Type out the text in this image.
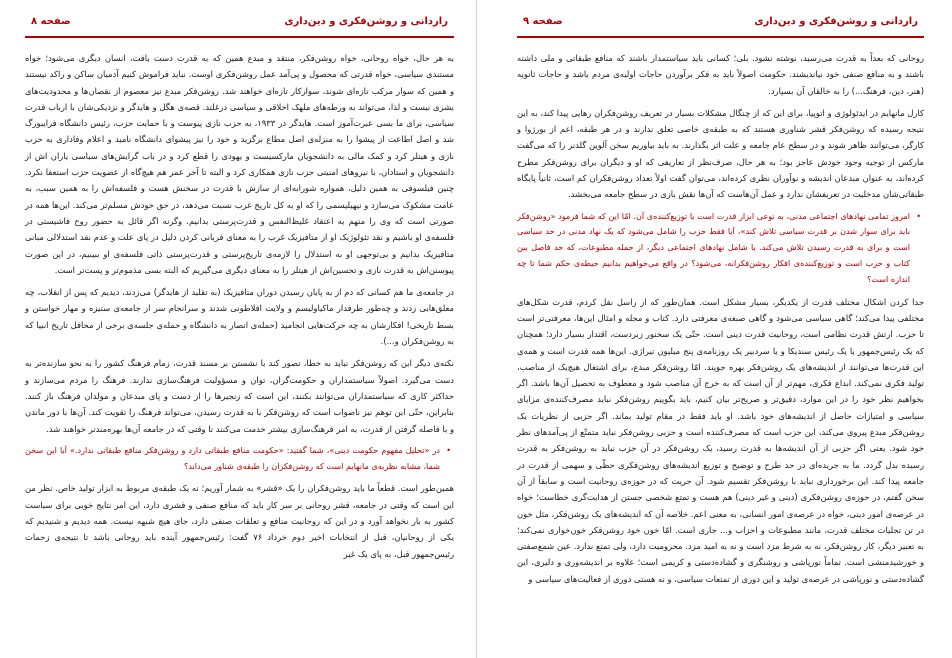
راردانی و روشن‌فکری و دین‌داری
صفحه ۸

به هر حال، خواه روحانی، خواه روشن‌فکر، منتقد و مبدع همین که به قدرت دست یافت، انسان دیگری می‌شود؛ خواه مستندی سیاسی، خواه قدرتی که محصول و پی‌آمد عمل روشن‌فکری اوست. نباید فراموش کنیم آدمیان ساکن و راکد نیستند و همین که سوار مرکب تازه‌ای شوند، سوارکار تازه‌ای خواهند شد. روشن‌فکر مبدع نیز معصوم از نقصان‌ها و محدودیت‌های بشری نیست و لذا، می‌تواند به ورطه‌های ملهک اخلاقی و سیاسی درغلتد. قصه‌ی هگل و هایدگر و نزدیکی‌شان با ارباب قدرت سیاسی، برای ما بسی عبرت‌آموز است. هایدگر در ۱۹۳۳، به حزب نازی پیوست و با حمایت حزب، رئیس دانشگاه فرایبورگ شد و اصل اطاعت از پیشوا را به منزله‌ی اصل مطاع برگزید و خود را نیز پیشوای دانشگاه نامید و اعلام وفاداری به حزب نازی و هیتلر کرد و کمک مالی به دانشجویان مارکسیست و یهودی را قطع کرد و در باب گرایش‌های سیاسی یاران اش از دانشجویان و استادان، با نیروهای امنیتی حزب نازی همکاری کرد و البته تا آخر عمر هم هیچ‌گاه از عضویت حزب استعفا نکرد. چنین فیلسوفی به همین دلیل، همواره شورابه‌ای از سازش با قدرت در سخنش هست و فلسفه‌اش را به همین سبب، به عامت مشکوک می‌سازد و نیهیلیسمی را که او به کل تاریخ غرب نسبت می‌دهد، در حق خودش مسلم‌تر می‌کند. این‌ها همه در صورتی است که وی را متهم به اعتقاد غلیظ‌النفس و قدرت‌پرستی بدانیم. وگرنه اگر قائل به حضور روح فاشیستی در فلسفه‌ی او باشیم و نقد تئولوژیک او از متافیزیک غرب را به معنای قربانی کردن دلیل در پای علت و عدم نقد استدلالی مبانی متافیزیک بدانیم و بی‌توجهی او به استدلال را لازمه‌ی تاریخ‌پرستی و قدرت‌پرستی ذاتی فلسفه‌ی او ببینیم، در این صورت پیوستن‌اش به قدرت نازی و تحسین‌اش از هیتلر را به معنای دیگری می‌گیریم که البته بسی مذموم‌تر و پست‌تر است.

در جامعه‌ی ما هم کسانی که دم از به پایان رسیدن دوران متافیزیک (به تقلید از هایدگر) می‌زدند، دیدیم که پس از انقلاب، چه معلق‌هایی زدند و چه‌طور طرفدار ماکیاولیسم و ولایت افلاطونی شدند و سرانجام سر از جامعه‌ی ستیزه و مهار خواستن و بسط تاریخی! افکارشان به چه حرکت‌هایی انجامید (حمله‌ی انصار به دانشگاه و حمله‌ی جلسه‌ی برخی از محافل تاریخ انبیا که به روشن‌فکران و...).

نکته‌ی دیگر این که روشن‌فکر نباید به خطا، تصور کند با نشستن بر مسند قدرت، زمام فرهنگ کشور را به نحو سازنده‌تر به دست می‌گیرد. اصولاً سیاستمداران و حکومت‌گران، توان و مسؤولیت فرهنگ‌سازی ندارند. فرهنگ را مردم می‌سازند و حداکثر کاری که سیاستمداران می‌توانند بکنند، این است که زنجیرها را از دست و پای مبدعان و مولدان فرهنگ باز کنند. بنابراین، حتّی این توهم نیز ناصواب است که روشن‌فکر با به قدرت رسیدن، می‌تواند فرهنگ را تقویت کند. آن‌ها با دور ماندن و با فاصله گرفتن از قدرت، به امر فرهنگ‌سازی بیشتر خدمت می‌کنند تا وقتی که در جامعه آن‌ها بهره‌مندتر خواهند شد.

• در «تحلیل مفهوم حکومت دینی»، شما گفتید: «حکومت منافع طبقاتی دارد و روشن‌فکر منافع طبقاتی ندارد.» آیا این سخن شما، مشابه نظریه‌ی مانهایم است که روشن‌فکران را طبقه‌ی شناور می‌داند؟

همین‌طور است. قطعاً ما باید روشن‌فکران را یک «قشر» به شمار آوریم؛ نه یک طبقه‌ی مربوط به ابزار تولید خاص. نظر من این است که وقتی در جامعه، قشر روحانی بر سر کار باید که منافع صنفی و قشری دارد، این امر نتایج خوبی برای سیاست کشور به بار نخواهد آورد و در این که روحانیت منافع و تعلقات صنفی دارد، جای هیچ شبهه نیست. همه دیدیم و شنیدیم که یکی از روحانیان، قبل از انتخابات اخیر دوم خرداد ۷۶ گفت: رئیس‌جمهور آینده باید روحانی باشد تا نتیجه‌ی زحمات رئیس‌جمهور قبل، به پای یک غیر

راردانی و روشن‌فکری و دین‌داری
صفحه ۹

روحانی که بعداً به قدرت می‌رسید، نوشته نشود. بلی؛ کسانی باید سیاستمدار باشند که منافع طبقاتی و ملی داشته باشند و به منافع صنفی خود نیاندیشند. حکومت اصولاً باید به فکر برآوردن حاجات اولیه‌ی مردم باشد و حاجات ثانویه (هنر، دین، فرهنگ...) را به خالقان آن بسپارد.

کارل مانهایم در ایدئولوژی و اتوپیا، برای این که از چنگال مشکلات بسیار در تعریف روشن‌فکران رهایی پیدا کند، به این نتیجه رسیده که روشن‌فکر قشر شناوری هستند که به طبقه‌ی خاصی تعلق ندارند و در هر طبقه، اعم از بورژوا و کارگر، می‌توانند ظاهر شوند و در سطح عام جامعه و علت اثر بگذارند. به باید بیاوریم سخن آلوین گلدنر را که می‌گفت مارکس از توجیه وجود خودش عاجز بود؛ به هر حال، صرف‌نظر از تعاریفی که او و دیگران برای روشن‌فکر مطرح کرده‌اند، به عنوان مبدعان اندیشه و نوآوران نظری کرده‌اند، می‌توان گفت اولاً تعداد روشن‌فکران کم است، ثانیاً پایگاه طبقاتی‌شان مدخلیت در تعریفشان ندارد و عمل آن‌هاست که آن‌ها نقش بازی در سطح جامعه می‌بخشد.

• امروز تمامی نهادهای اجتماعی مدنی، به نوعی ابزار قدرت است یا توزیع‌کننده‌ی آن. امّا این که شما فرمود «روشن‌فکر باید برای سوار شدن بر قدرت سیاسی تلاش کند»، آیا فقط حزب را شامل می‌شود که یک نهاد مدنی در حد سیاسی است و برای به قدرت رسیدن تلاش می‌کند. یا شامل نهادهای اجتماعی دیگر، از جمله مطبوعات، که حد فاصل بین کتاب و حزب است و توزیع‌کننده‌ی افکار روشن‌فکرانه، می‌شود؟ در واقع می‌خواهیم بدانیم حیطه‌ی حکم شما تا چه اندازه است؟

جدا کردن اشکال مختلف قدرت از یکدیگر، بسیار مشکل است. همان‌طور که از راسل نقل کردم، قدرت شکل‌های مختلفی پیدا می‌کند؛ گاهی سیاسی می‌شود و گاهی صبغه‌ی معرفتی دارد. کتاب و مجله و امثال این‌ها، معرفتی‌تر است تا حزب. ارتش قدرت نظامی است، روحانیت قدرت دینی است. حتّی یک سخنور زبردست، اقتدار بسیار دارد؛ همچنان که یک رئیس‌جمهور یا یک رئیس سندیکا و یا سردبیر یک روزنامه‌ی پنج میلیون تیراژی. این‌ها همه قدرت است و همه‌ی این قدرت‌ها می‌توانند از اندیشه‌های یک روشن‌فکر بهره جویند. امّا روشن‌فکر مبدع، برای اشتغال هیچ‌یک از مناصب، تولید فکری نمی‌کند. ابداع فکری، مهم‌تر از آن است که به خرج آن مناصب شود و معطوف به تحصیل آن‌ها باشد. اگر بخواهیم نظر خود را در این موارد، دقیق‌تر و صریح‌تر بیان کنیم، باید بگوییم روشن‌فکر نباید مصرف‌کننده‌ی مزایای سیاسی و امتیازات حاصل از اندیشه‌های خود باشد. او باید فقط در مقام تولید بماند. اگر حزبی از نظریات یک روشن‌فکر مبدع پیروی می‌کند، این حزب است که مصرف‌کننده است و حزبی روشن‌فکر نباید متمتّع از پی‌آمدهای نظر خود شود. یعنی اگر حزبی از آن اندیشه‌ها به قدرت رسید، یک روشن‌فکر در آن حزب نباید به روشن‌فکر به قدرت رسیده بدل گردد. ما به جریده‌ای در حد طرح و توضیح و توزیع اندیشه‌های روشن‌فکری حظّی و سهمی از قدرت در جامعه پیدا کند. این برخورداری نباید با روشن‌فکر تقسیم شود. آن حریت که در حوزه‌ی روحانیت است و سابقاً از آن سخن گفتم، در حوزه‌ی روشن‌فکری (دینی و غیر دینی) هم هست و تمتع شخصی جستن از هدایت‌گری خطاست؛ خواه در عرصه‌ی امور دینی، خواه در عرصه‌ی امور انسانی، به معنی اعم. خلاصه آن که اندیشه‌های یک روشن‌فکر، مثل خون در تن تجلیات مختلف قدرت، مانند مطبوعات و احزاب و... جاری است. امّا خون خود روشن‌فکر خون‌خواری نمی‌کند؛ به تعبیر دیگر، کار روشن‌فکر، نه به شرط مزد است و نه به امید مزد. محرومیت دارد، ولی تمتع ندارد. عین شمع‌صفتی و خورشیدمنشی است. تماماً نورپاشی و روشنگری و گشاده‌دستی و کریمی است؛ علاوه بر اندیشه‌وری و دلیری، این گشاده‌دستی و نورپاشی در عرصه‌ی تولید و این دوری از تمتعات سیاسی، و نه هستی دوری از فعالیت‌های سیاسی و
